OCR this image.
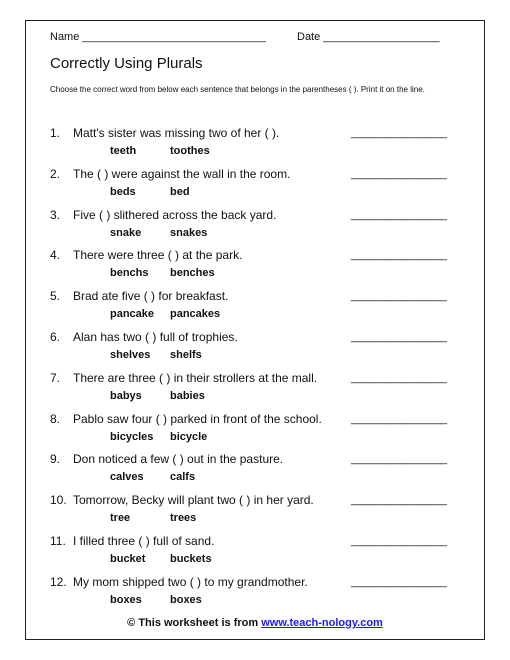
Name ______________________________	Date ___________________
Correctly Using Plurals
Choose the correct word from below each sentence that belongs in the parentheses ( ). Print it on the line.
1. Matt's sister was missing two of her ( ).	_________________
teeth	toothes
2. The ( ) were against the wall in the room.	_________________
beds	bed
3. Five ( ) slithered across the back yard.	_________________
snake	snakes
4. There were three ( ) at the park.	_________________
benchs benches
5. Brad ate five ( ) for breakfast.	_________________
pancake pancakes
6. Alan has two ( ) full of trophies.	_________________
shelves shelfs
7. There are three ( ) in their strollers at the mall.	_________________
babys	babies
8. Pablo saw four ( ) parked in front of the school.	_________________
bicycles bicycle
9. Don noticed a few ( ) out in the pasture.	_________________
calves calfs
10. Tomorrow, Becky will plant two ( ) in her yard.	_________________
tree	trees
11. I filled three ( ) full of sand.	_________________
bucket buckets
12. My mom shipped two ( ) to my grandmother.	_________________
boxes	boxes
© This worksheet is from www.teach-nology.com
